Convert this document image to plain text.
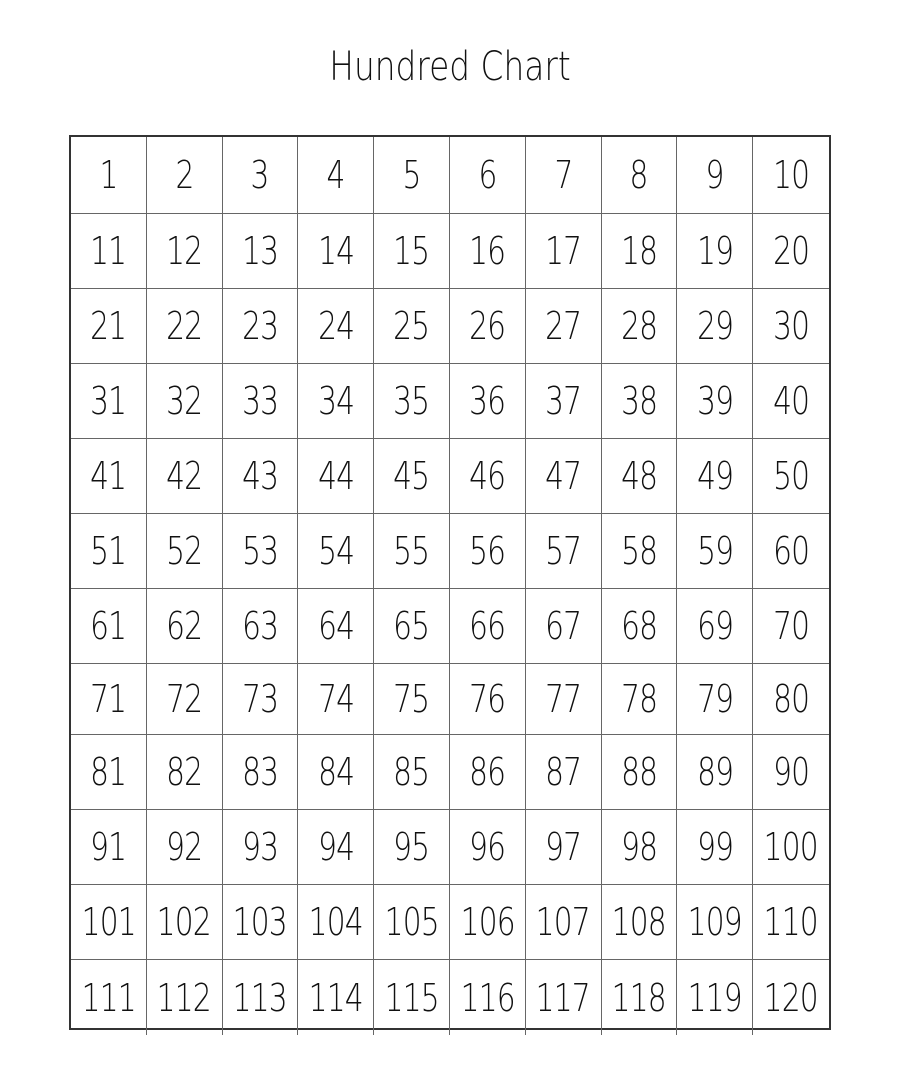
Hundred Chart
1 2 3 4 5 6 7 8 9 10
11 12 13 14 15 16 17 18 19 20
21 22 23 24 25 26 27 28 29 30
31 32 33 34 35 36 37 38 39 40
41 42 43 44 45 46 47 48 49 50
51 52 53 54 55 56 57 58 59 60
61 62 63 64 65 66 67 68 69 70
71 72 73 74 75 76 77 78 79 80
81 82 83 84 85 86 87 88 89 90
91 92 93 94 95 96 97 98 99 100
101 102 103 104 105 106 107 108 109 110
111 112 113 114 115 116 117 118 119 120
